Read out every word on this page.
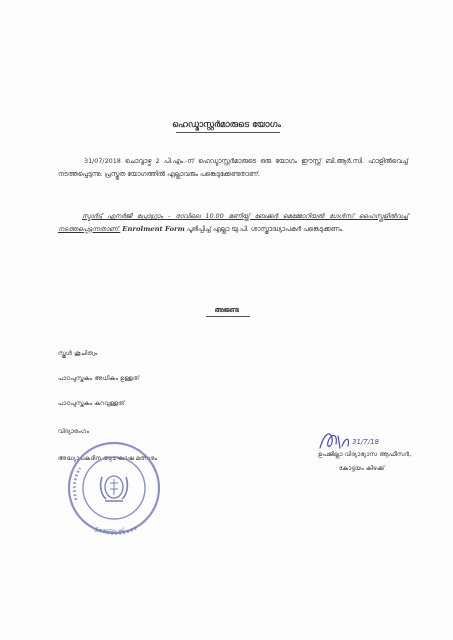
ഹെഡ്മാസ്റ്റർമാരുടെ യോഗം
31/07/2018 ചൊവ്വാഴ്ച 2 പി.എം.-ന് ഹെഡ്മാസ്റ്റർമാരുടെ ഒരു യോഗം ഈസ്റ്റ് ബി.ആർ.സി. ഹാളിൽവെച്ച് നടത്തപ്പെടുന്നു. പ്രസ്തുത യോഗത്തിൽ എല്ലാവരും പങ്കെടുക്കേണ്ടതാണ്.
സ്മാർട്ട് എനർജി പ്രോഗ്രാം - രാവിലെ 10.00 മണിയ്ക്ക് ബേക്കർ മെമ്മോറിയൽ ഗേൾസ് ഹൈസ്കൂളിൽവച്ച് നടത്തപ്പെടുന്നതാണ്. Enrolment Form പൂരിപ്പിച്ച് എല്ലാ യു.പി. ശാസ്ത്രാദ്ധ്യാപകർ പങ്കെടുക്കണം.
അജണ്ട
സ്കൂൾ ശുചിത്വം
പാഠപുസ്തകം അധികം ഉള്ളത്
പാഠപുസ്തകം കുറവുള്ളത്
വിദ്യാരംഗം
അദ്ധ്യാപകദിന ആഘോഷ മത്സരം
31/7/18
ഉപജില്ലാ വിദ്യാഭ്യാസ ആഫീസർ,
കോട്ടയം കിഴക്ക്
കോട്ടയം കി
